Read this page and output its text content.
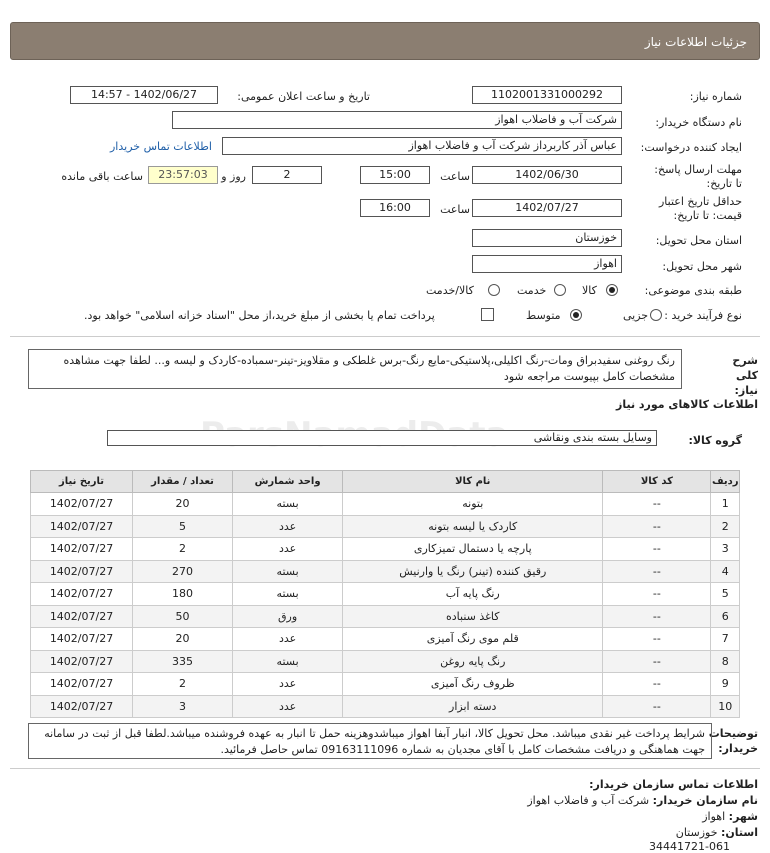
جزئیات اطلاعات نیاز
شماره نیاز:
1102001331000292
تاریخ و ساعت اعلان عمومی:
1402/06/27 - 14:57
نام دستگاه خریدار:
شرکت آب و فاضلاب اهواز
ایجاد کننده درخواست:
عباس آذر کاربرداز شرکت آب و فاضلاب اهواز
اطلاعات تماس خریدار
مهلت ارسال پاسخ: تا تاریخ:
1402/06/30
ساعت
15:00
2
روز و
23:57:03
ساعت باقی مانده
حداقل تاریخ اعتبار قیمت: تا تاریخ:
1402/07/27
ساعت
16:00
استان محل تحویل:
خوزستان
شهر محل تحویل:
اهواز
طبقه بندی موضوعی:
کالا
خدمت
کالا/خدمت
نوع فرآیند خرید :
جزیی
متوسط
پرداخت تمام یا بخشی از مبلغ خرید،از محل "اسناد خزانه اسلامی" خواهد بود.
شرح کلی نیاز:
رنگ روغنی سفیدبراق ومات-رنگ اکلیلی،پلاستیکی-مایع رنگ-برس غلطکی و مقلاویز-تینر-سمباده-کاردک و لیسه و... لطفا جهت مشاهده مشخصات کامل بپیوست مراجعه شود
اطلاعات کالاهای مورد نیاز
گروه کالا:
وسایل بسته بندی ونقاشی
ردیف	کد کالا	نام کالا	واحد شمارش	تعداد / مقدار	تاریخ نیاز
1	--	بتونه	بسته	20	1402/07/27
2	--	کاردک یا لیسه بتونه	عدد	5	1402/07/27
3	--	پارچه یا دستمال تمیزکاری	عدد	2	1402/07/27
4	--	رقیق کننده (تینر) رنگ یا وارنیش	بسته	270	1402/07/27
5	--	رنگ پایه آب	بسته	180	1402/07/27
6	--	کاغذ سنباده	ورق	50	1402/07/27
7	--	قلم موی رنگ آمیزی	عدد	20	1402/07/27
8	--	رنگ پایه روغن	بسته	335	1402/07/27
9	--	ظروف رنگ آمیزی	عدد	2	1402/07/27
10	--	دسته ابزار	عدد	3	1402/07/27
توضیحات خریدار:
شرایط پرداخت غیر نقدی میباشد. محل تحویل کالا، انبار آبفا اهواز میباشدوهزینه حمل تا انبار به عهده فروشنده میباشد.لطفا قبل از ثبت در سامانه جهت هماهنگی و دریافت مشخصات کامل با آقای مجدیان به شماره 09163111096 تماس حاصل فرمائید.
اطلاعات تماس سازمان خریدار:
نام سازمان خریدار: شرکت آب و فاضلاب اهواز
شهر: اهواز
استان: خوزستان
34441721-061
